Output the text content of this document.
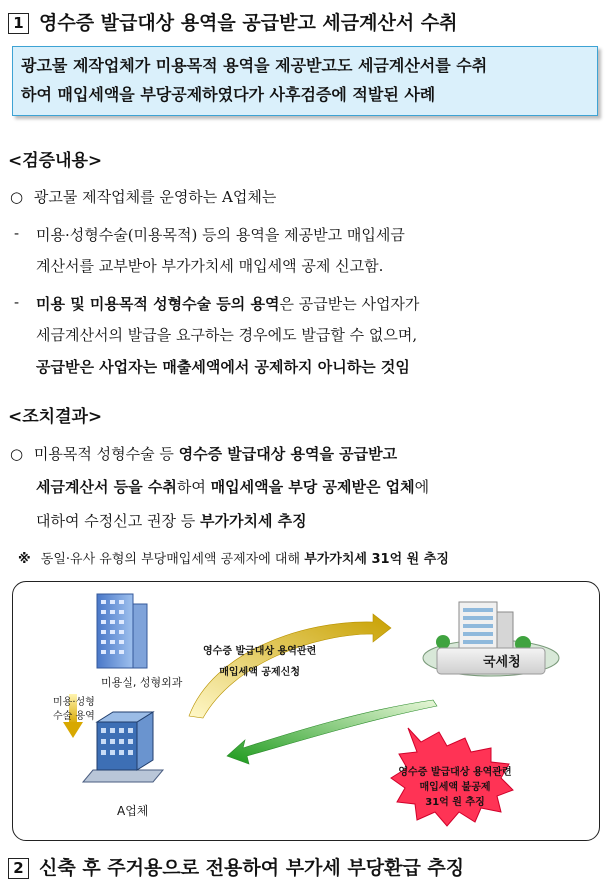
1 영수증 발급대상 용역을 공급받고 세금계산서 수취
광고물 제작업체가 미용목적 용역을 제공받고도 세금계산서를 수취
하여 매입세액을 부당공제하였다가 사후검증에 적발된 사례
<검증내용>
○ 광고물 제작업체를 운영하는 A업체는
- 미용·성형수술(미용목적) 등의 용역을 제공받고 매입세금
계산서를 교부받아 부가가치세 매입세액 공제 신고함.
- 미용 및 미용목적 성형수술 등의 용역은 공급받는 사업자가
세금계산서의 발급을 요구하는 경우에도 발급할 수 없으며,
공급받은 사업자는 매출세액에서 공제하지 아니하는 것임
<조치결과>
○ 미용목적 성형수술 등 영수증 발급대상 용역을 공급받고
세금계산서 등을 수취하여 매입세액을 부당 공제받은 업체에
대하여 수정신고 권장 등 부가가치세 추징
※ 동일·유사 유형의 부당매입세액 공제자에 대해 부가가치세 31억 원 추징
미용실, 성형외과
국세청
A업체
미용·성형
수술 용역
영수증 발급대상 용역관련
매입세액 공제신청
영수증 발급대상 용역관련
매입세액 불공제
31억 원 추징
2 신축 후 주거용으로 전용하여 부가세 부당환급 추징
